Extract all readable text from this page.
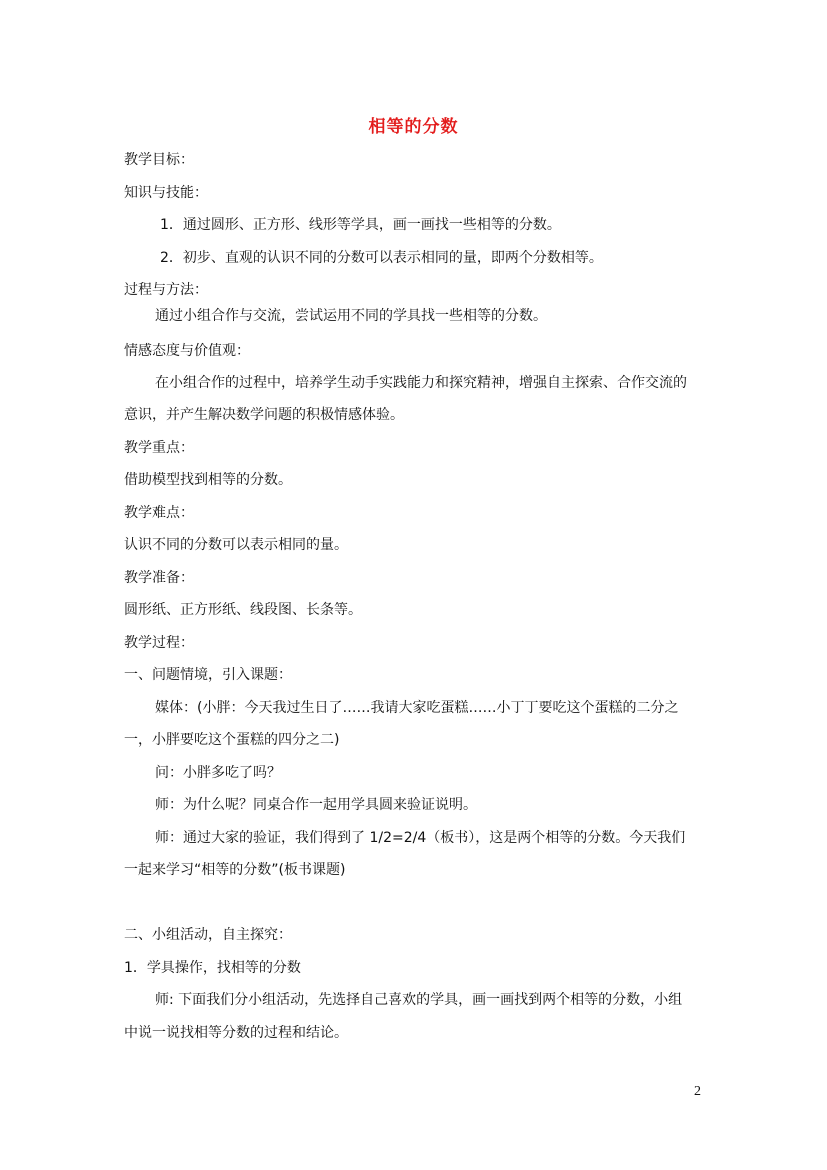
相等的分数
教学目标：
知识与技能：
1．通过圆形、正方形、线形等学具，画一画找一些相等的分数。
2．初步、直观的认识不同的分数可以表示相同的量，即两个分数相等。
过程与方法：
通过小组合作与交流，尝试运用不同的学具找一些相等的分数。
情感态度与价值观：
在小组合作的过程中，培养学生动手实践能力和探究精神，增强自主探索、合作交流的
意识，并产生解决数学问题的积极情感体验。
教学重点：
借助模型找到相等的分数。
教学难点：
认识不同的分数可以表示相同的量。
教学准备：
圆形纸、正方形纸、线段图、长条等。
教学过程：
一、问题情境，引入课题：
媒体：(小胖：今天我过生日了……我请大家吃蛋糕……小丁丁要吃这个蛋糕的二分之
一，小胖要吃这个蛋糕的四分之二)
问：小胖多吃了吗？
师：为什么呢？同桌合作一起用学具圆来验证说明。
师：通过大家的验证，我们得到了 1/2=2/4（板书），这是两个相等的分数。今天我们
一起来学习“相等的分数”(板书课题)
二、小组活动，自主探究：
1．学具操作，找相等的分数
师: 下面我们分小组活动，先选择自己喜欢的学具，画一画找到两个相等的分数，小组
中说一说找相等分数的过程和结论。
2
